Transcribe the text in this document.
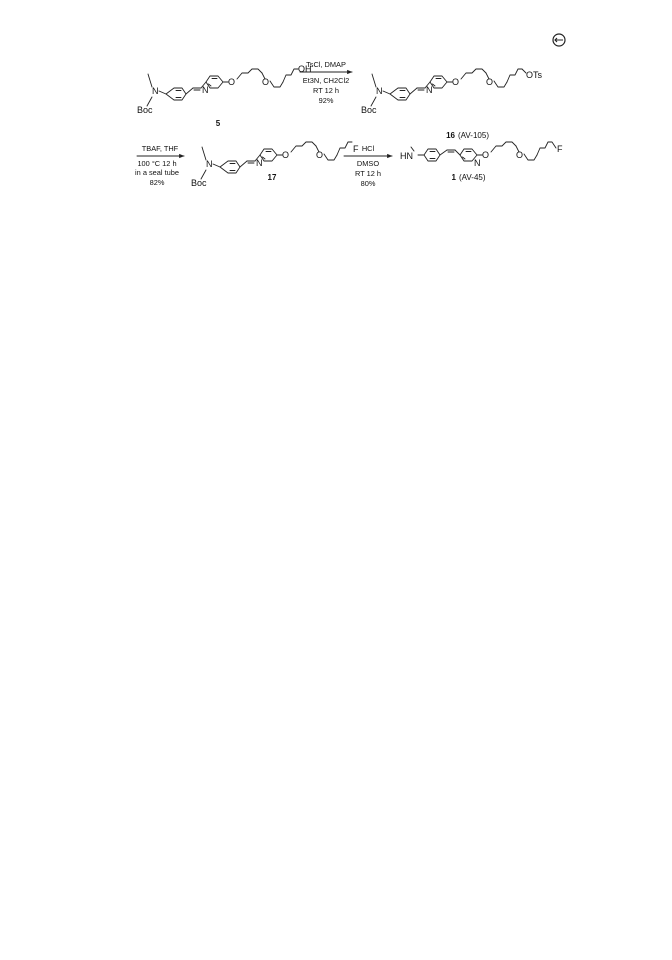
N
Boc
N
O	O
OH
5
TsCl, DMAP
Et3N, CH2Cl2
RT 12 h
92%
N
Boc
N
O	O
OTs
16 (AV-105)
TBAF, THF
100 °C 12 h
in a seal tube
82%
N
Boc
N
O	O
F
17
HCl
DMSO
RT 12 h
80%
HN
N
O	O
F
1 (AV-45)
